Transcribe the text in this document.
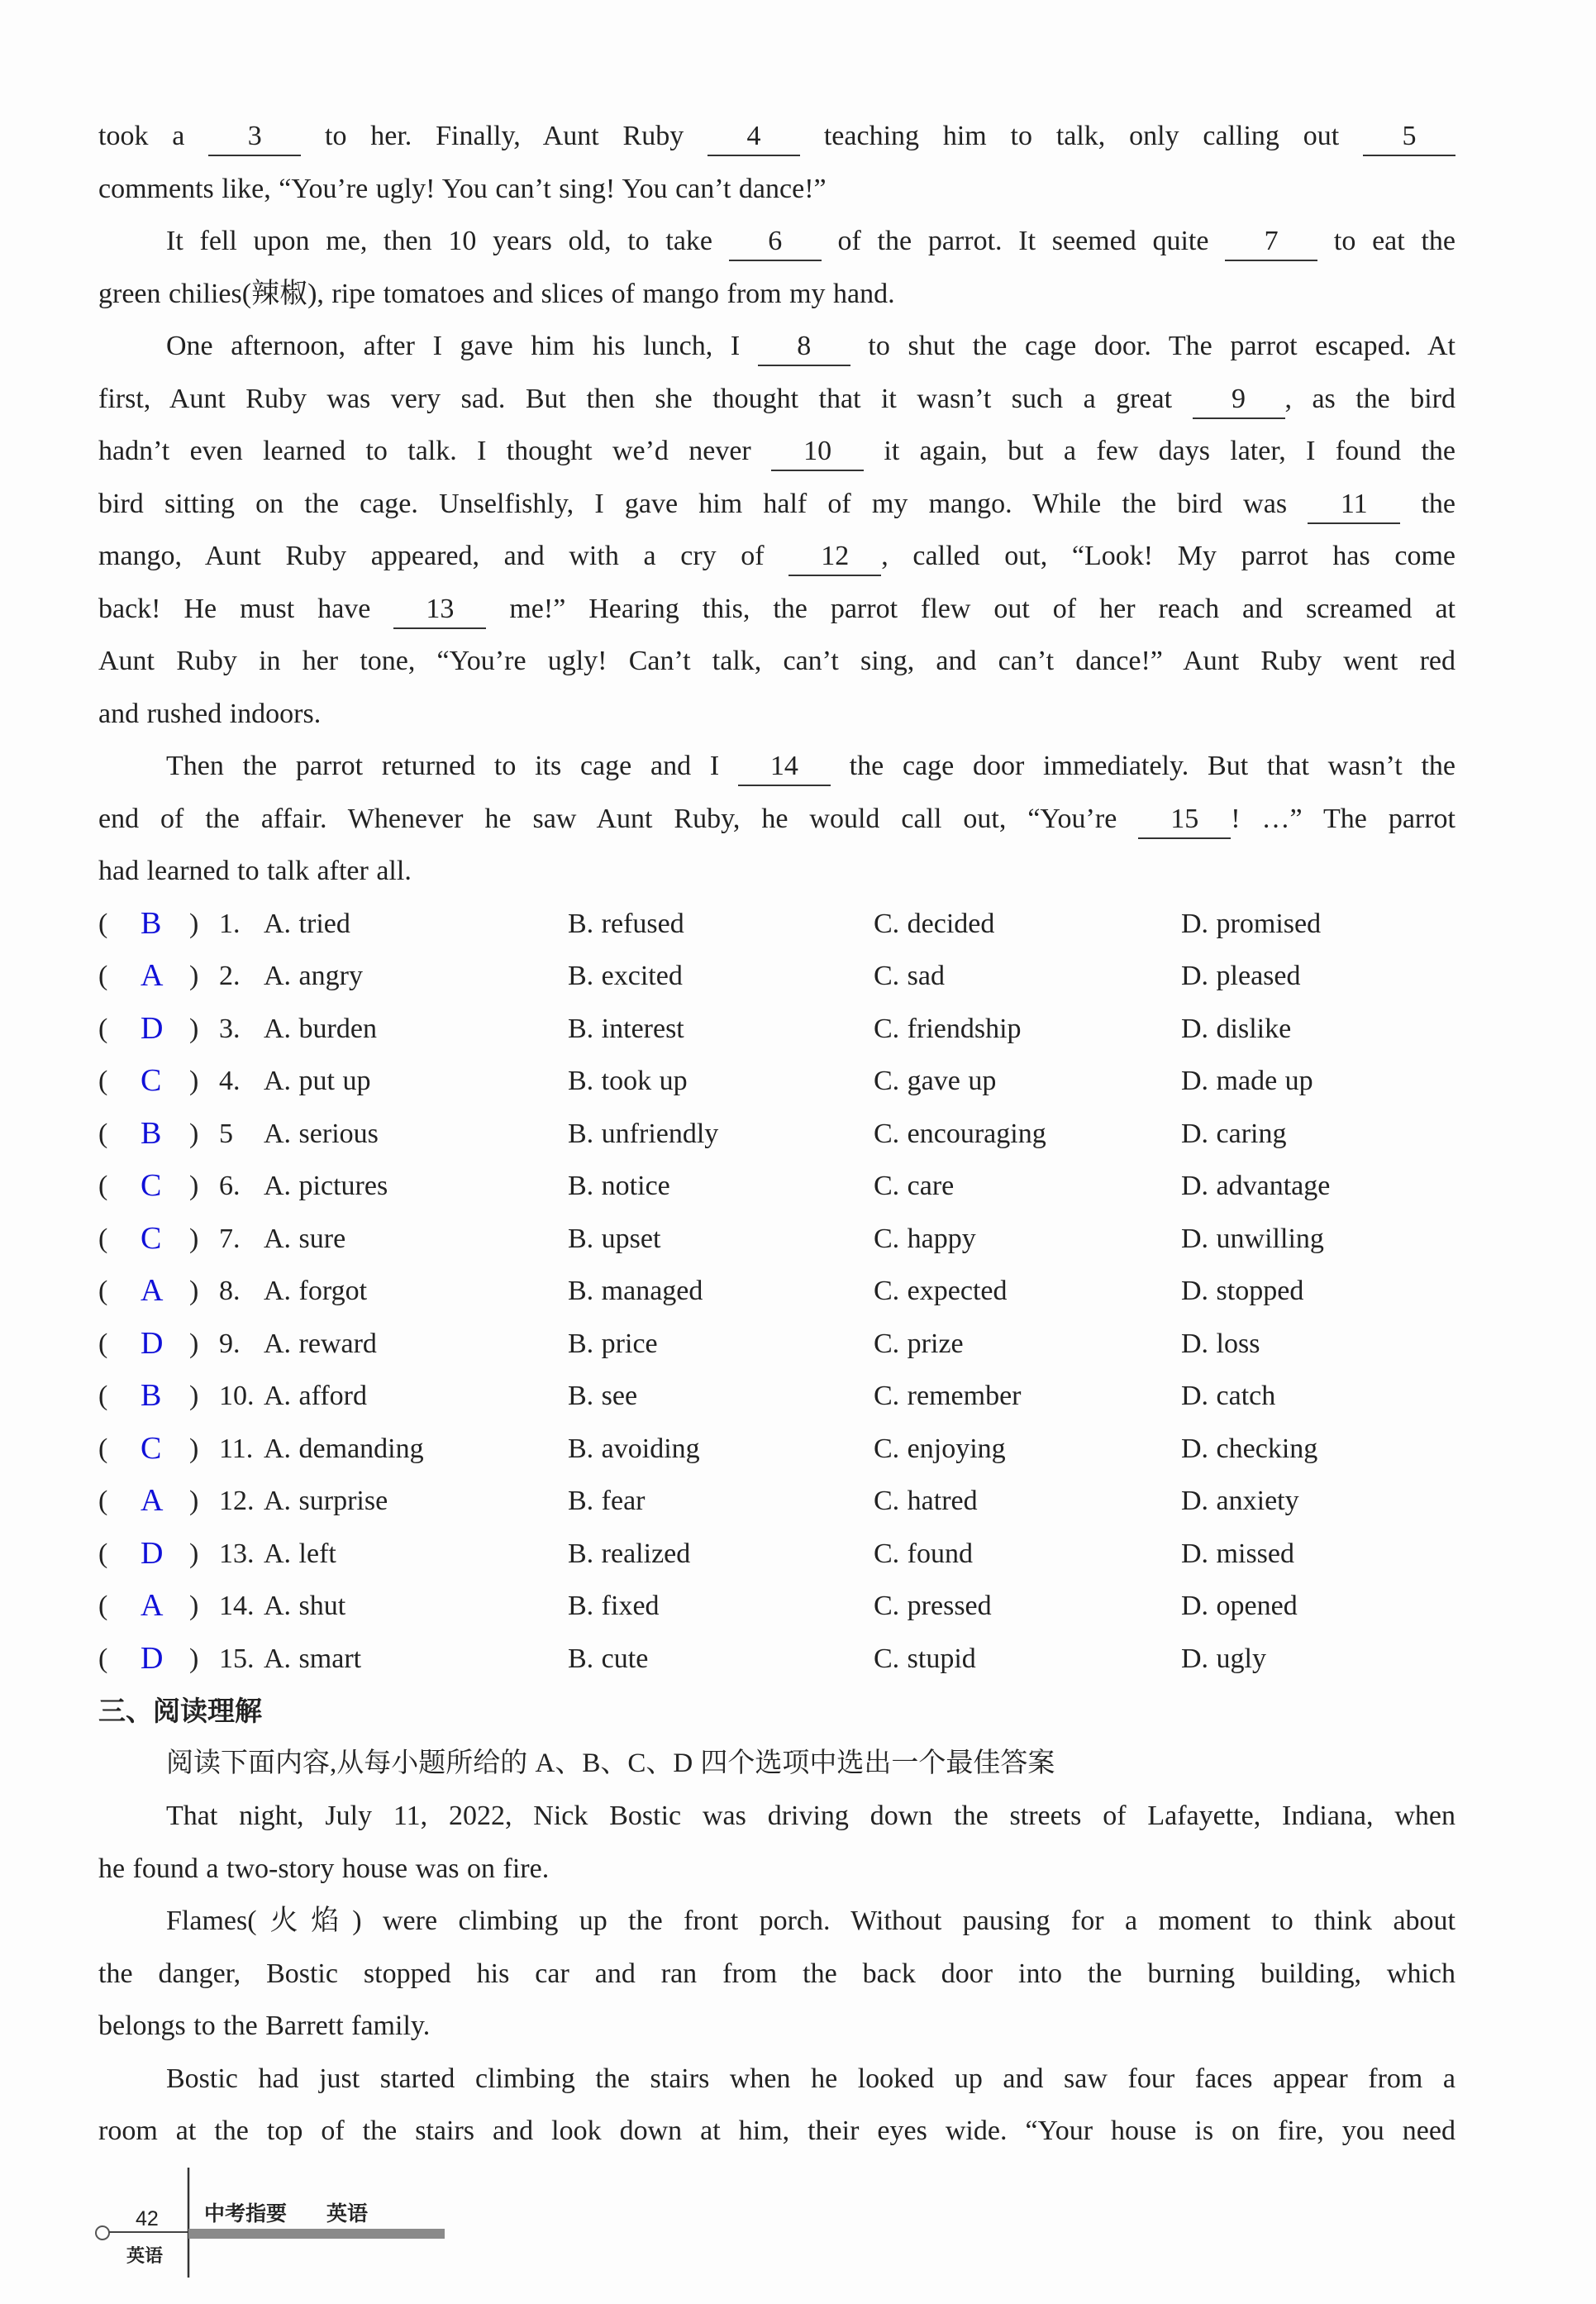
took a 3 to her. Finally, Aunt Ruby 4 teaching him to talk, only calling out 5
comments like, “You’re ugly! You can’t sing! You can’t dance!”
It fell upon me, then 10 years old, to take 6 of the parrot. It seemed quite 7 to eat the
green chilies(辣椒), ripe tomatoes and slices of mango from my hand.
One afternoon, after I gave him his lunch, I 8 to shut the cage door. The parrot escaped. At
first, Aunt Ruby was very sad. But then she thought that it wasn’t such a great 9 , as the bird
hadn’t even learned to talk. I thought we’d never 10 it again, but a few days later, I found the
bird sitting on the cage. Unselfishly, I gave him half of my mango. While the bird was 11 the
mango, Aunt Ruby appeared, and with a cry of 12 , called out, “Look! My parrot has come
back! He must have 13 me!” Hearing this, the parrot flew out of her reach and screamed at
Aunt Ruby in her tone, “You’re ugly! Can’t talk, can’t sing, and can’t dance!” Aunt Ruby went red
and rushed indoors.
Then the parrot returned to its cage and I 14 the cage door immediately. But that wasn’t the
end of the affair. Whenever he saw Aunt Ruby, he would call out, “You’re 15 ! …” The parrot
had learned to talk after all.
( B ) 1. A. tried	B. refused	C. decided	D. promised
( A ) 2. A. angry	B. excited	C. sad	D. pleased
( D ) 3. A. burden	B. interest	C. friendship	D. dislike
( C ) 4. A. put up	B. took up	C. gave up	D. made up
( B ) 5 A. serious	B. unfriendly	C. encouraging	D. caring
( C ) 6. A. pictures	B. notice	C. care	D. advantage
( C ) 7. A. sure	B. upset	C. happy	D. unwilling
( A ) 8. A. forgot	B. managed	C. expected	D. stopped
( D ) 9. A. reward	B. price	C. prize	D. loss
( B ) 10. A. afford	B. see	C. remember	D. catch
( C ) 11. A. demanding	B. avoiding	C. enjoying	D. checking
( A ) 12. A. surprise	B. fear	C. hatred	D. anxiety
( D ) 13. A. left	B. realized	C. found	D. missed
( A ) 14. A. shut	B. fixed	C. pressed	D. opened
( D ) 15. A. smart	B. cute	C. stupid	D. ugly
三、阅读理解
阅读下面内容,从每小题所给的 A、B、C、D 四个选项中选出一个最佳答案
That night, July 11, 2022, Nick Bostic was driving down the streets of Lafayette, Indiana, when
he found a two-story house was on fire.
Flames(火焰) were climbing up the front porch. Without pausing for a moment to think about
the danger, Bostic stopped his car and ran from the back door into the burning building, which
belongs to the Barrett family.
Bostic had just started climbing the stairs when he looked up and saw four faces appear from a
room at the top of the stairs and look down at him, their eyes wide. “Your house is on fire, you need
42
英语
中考指要 英语
